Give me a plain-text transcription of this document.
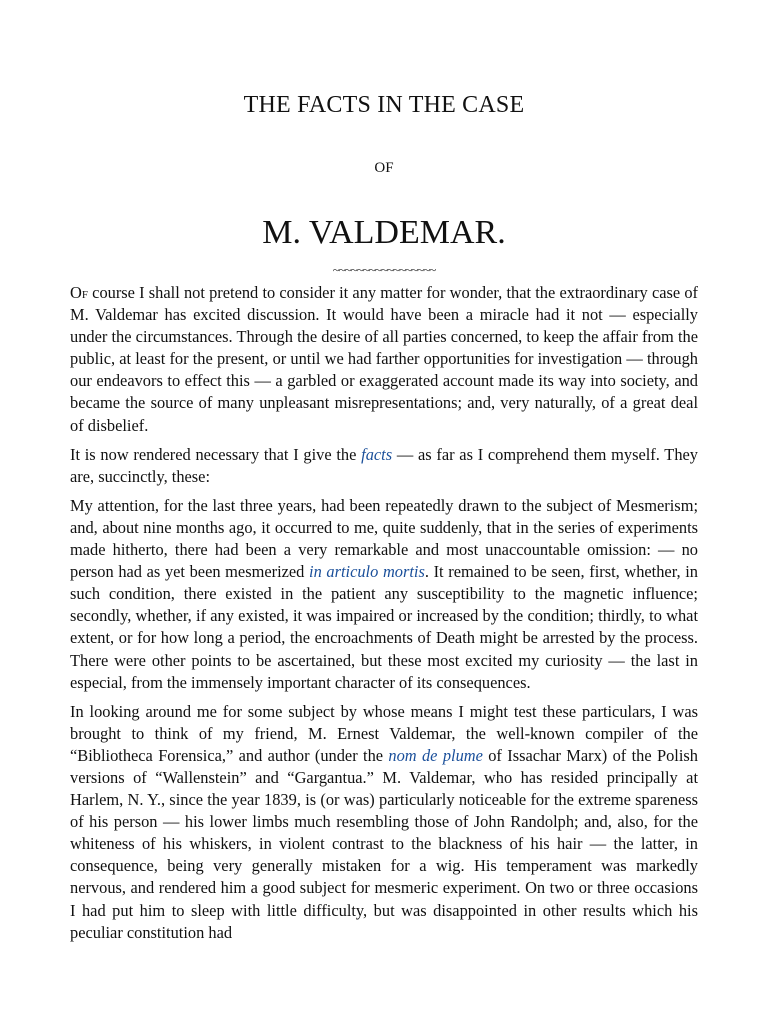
THE FACTS IN THE CASE
OF
M. VALDEMAR.
~~~~~~~~~~~~~~~~~

Of course I shall not pretend to consider it any matter for wonder, that the extraordinary case of M. Valdemar has excited discussion. It would have been a miracle had it not — especially under the circumstances. Through the desire of all parties concerned, to keep the affair from the public, at least for the present, or until we had farther opportunities for investigation — through our endeavors to effect this — a garbled or exaggerated account made its way into society, and became the source of many unpleasant misrepresentations; and, very naturally, of a great deal of disbelief.

It is now rendered necessary that I give the facts — as far as I comprehend them myself. They are, succinctly, these:

My attention, for the last three years, had been repeatedly drawn to the subject of Mesmerism; and, about nine months ago, it occurred to me, quite suddenly, that in the series of experiments made hitherto, there had been a very remarkable and most unaccountable omission: — no person had as yet been mesmerized in articulo mortis. It remained to be seen, first, whether, in such condition, there existed in the patient any susceptibility to the magnetic influence; secondly, whether, if any existed, it was impaired or increased by the condition; thirdly, to what extent, or for how long a period, the encroachments of Death might be arrested by the process. There were other points to be ascertained, but these most excited my curiosity — the last in especial, from the immensely important character of its consequences.

In looking around me for some subject by whose means I might test these particulars, I was brought to think of my friend, M. Ernest Valdemar, the well-known compiler of the “Bibliotheca Forensica,” and author (under the nom de plume of Issachar Marx) of the Polish versions of “Wallenstein” and “Gargantua.” M. Valdemar, who has resided principally at Harlem, N. Y., since the year 1839, is (or was) particularly noticeable for the extreme spareness of his person — his lower limbs much resembling those of John Randolph; and, also, for the whiteness of his whiskers, in violent contrast to the blackness of his hair — the latter, in consequence, being very generally mistaken for a wig. His temperament was markedly nervous, and rendered him a good subject for mesmeric experiment. On two or three occasions I had put him to sleep with little difficulty, but was disappointed in other results which his peculiar constitution had
